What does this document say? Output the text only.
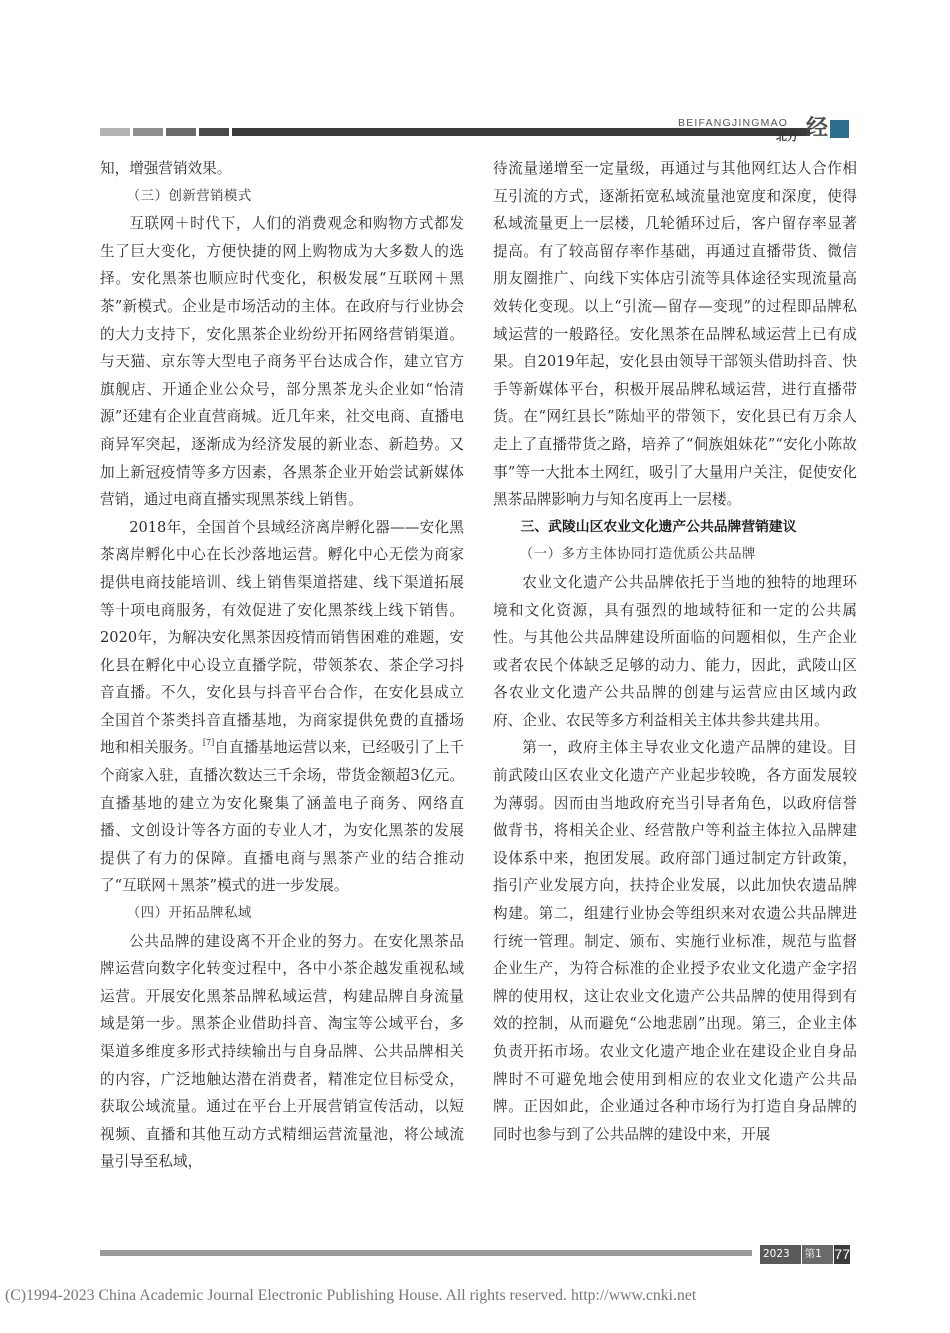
BEIFANGJINGMAO
北方 经

知，增强营销效果。

（三）创新营销模式

互联网＋时代下，人们的消费观念和购物方式都发生了巨大变化，方便快捷的网上购物成为大多数人的选择。安化黑茶也顺应时代变化，积极发展“互联网＋黑茶”新模式。企业是市场活动的主体。在政府与行业协会的大力支持下，安化黑茶企业纷纷开拓网络营销渠道。与天猫、京东等大型电子商务平台达成合作，建立官方旗舰店、开通企业公众号，部分黑茶龙头企业如“怡清源”还建有企业直营商城。近几年来，社交电商、直播电商异军突起，逐渐成为经济发展的新业态、新趋势。又加上新冠疫情等多方因素，各黑茶企业开始尝试新媒体营销，通过电商直播实现黑茶线上销售。

2018年，全国首个县域经济离岸孵化器——安化黑茶离岸孵化中心在长沙落地运营。孵化中心无偿为商家提供电商技能培训、线上销售渠道搭建、线下渠道拓展等十项电商服务，有效促进了安化黑茶线上线下销售。2020年，为解决安化黑茶因疫情而销售困难的难题，安化县在孵化中心设立直播学院，带领茶农、茶企学习抖音直播。不久，安化县与抖音平台合作，在安化县成立全国首个茶类抖音直播基地，为商家提供免费的直播场地和相关服务。[7]自直播基地运营以来，已经吸引了上千个商家入驻，直播次数达三千余场，带货金额超3亿元。直播基地的建立为安化聚集了涵盖电子商务、网络直播、文创设计等各方面的专业人才，为安化黑茶的发展提供了有力的保障。直播电商与黑茶产业的结合推动了“互联网＋黑茶”模式的进一步发展。

（四）开拓品牌私域

公共品牌的建设离不开企业的努力。在安化黑茶品牌运营向数字化转变过程中，各中小茶企越发重视私域运营。开展安化黑茶品牌私域运营，构建品牌自身流量域是第一步。黑茶企业借助抖音、淘宝等公域平台，多渠道多维度多形式持续输出与自身品牌、公共品牌相关的内容，广泛地触达潜在消费者，精准定位目标受众，获取公域流量。通过在平台上开展营销宣传活动，以短视频、直播和其他互动方式精细运营流量池，将公域流量引导至私域，

待流量递增至一定量级，再通过与其他网红达人合作相互引流的方式，逐渐拓宽私域流量池宽度和深度，使得私域流量更上一层楼，几轮循环过后，客户留存率显著提高。有了较高留存率作基础，再通过直播带货、微信朋友圈推广、向线下实体店引流等具体途径实现流量高效转化变现。以上“引流—留存—变现”的过程即品牌私域运营的一般路径。安化黑茶在品牌私域运营上已有成果。自2019年起，安化县由领导干部领头借助抖音、快手等新媒体平台，积极开展品牌私域运营，进行直播带货。在“网红县长”陈灿平的带领下，安化县已有万余人走上了直播带货之路，培养了“侗族姐妹花”“安化小陈故事”等一大批本土网红，吸引了大量用户关注，促使安化黑茶品牌影响力与知名度再上一层楼。

三、武陵山区农业文化遗产公共品牌营销建议

（一）多方主体协同打造优质公共品牌

农业文化遗产公共品牌依托于当地的独特的地理环境和文化资源，具有强烈的地域特征和一定的公共属性。与其他公共品牌建设所面临的问题相似，生产企业或者农民个体缺乏足够的动力、能力，因此，武陵山区各农业文化遗产公共品牌的创建与运营应由区域内政府、企业、农民等多方利益相关主体共参共建共用。

第一，政府主体主导农业文化遗产品牌的建设。目前武陵山区农业文化遗产产业起步较晚，各方面发展较为薄弱。因而由当地政府充当引导者角色，以政府信誉做背书，将相关企业、经营散户等利益主体拉入品牌建设体系中来，抱团发展。政府部门通过制定方针政策，指引产业发展方向，扶持企业发展，以此加快农遗品牌构建。第二，组建行业协会等组织来对农遗公共品牌进行统一管理。制定、颁布、实施行业标准，规范与监督企业生产，为符合标准的企业授予农业文化遗产金字招牌的使用权，这让农业文化遗产公共品牌的使用得到有效的控制，从而避免“公地悲剧”出现。第三，企业主体负责开拓市场。农业文化遗产地企业在建设企业自身品牌时不可避免地会使用到相应的农业文化遗产公共品牌。正因如此，企业通过各种市场行为打造自身品牌的同时也参与到了公共品牌的建设中来，开展

2023年
第1期
77
(C)1994-2023 China Academic Journal Electronic Publishing House. All rights reserved. http://www.cnki.net
